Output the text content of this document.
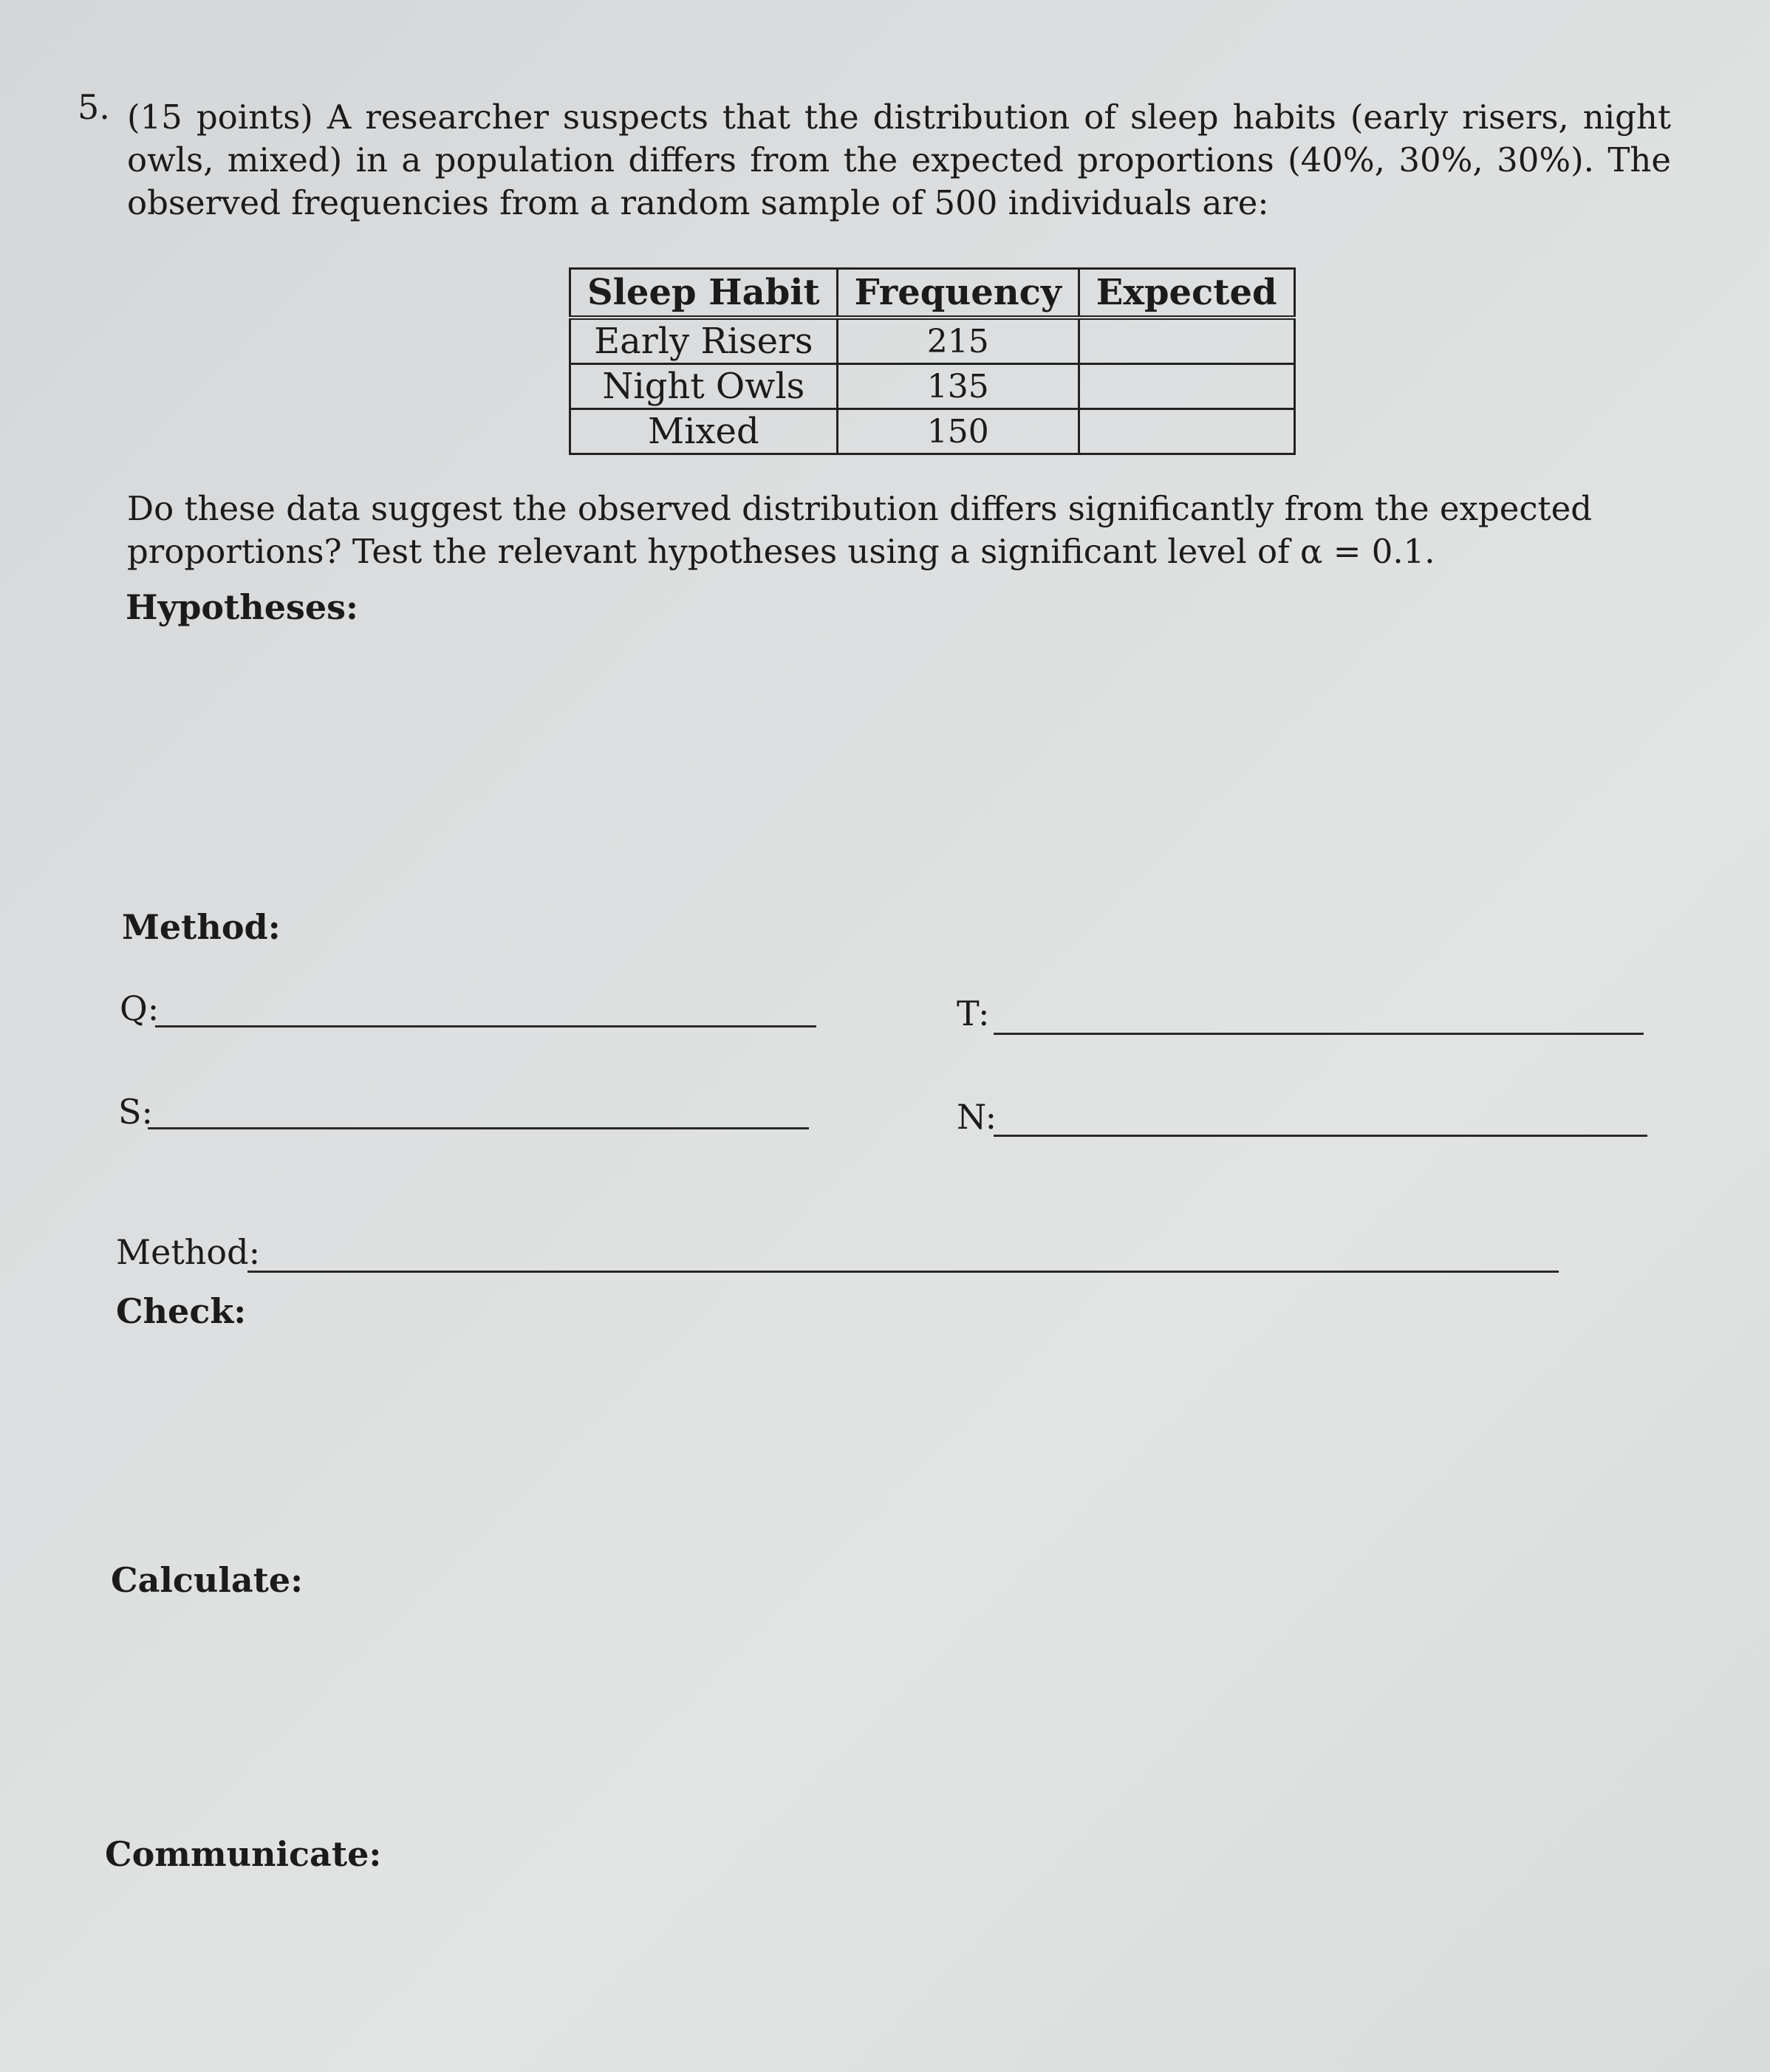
5. (15 points) A researcher suspects that the distribution of sleep habits (early risers, night owls, mixed) in a population differs from the expected proportions (40%, 30%, 30%). The observed frequencies from a random sample of 500 individuals are:
Sleep Habit	Frequency	Expected
Early Risers	215	
Night Owls	135	
Mixed	150	
Do these data suggest the observed distribution differs significantly from the expected proportions? Test the relevant hypotheses using a significant level of α = 0.1.
Hypotheses:
Method:
Q:	T:
S:	N:
Method:
Check:
Calculate:
Communicate:
